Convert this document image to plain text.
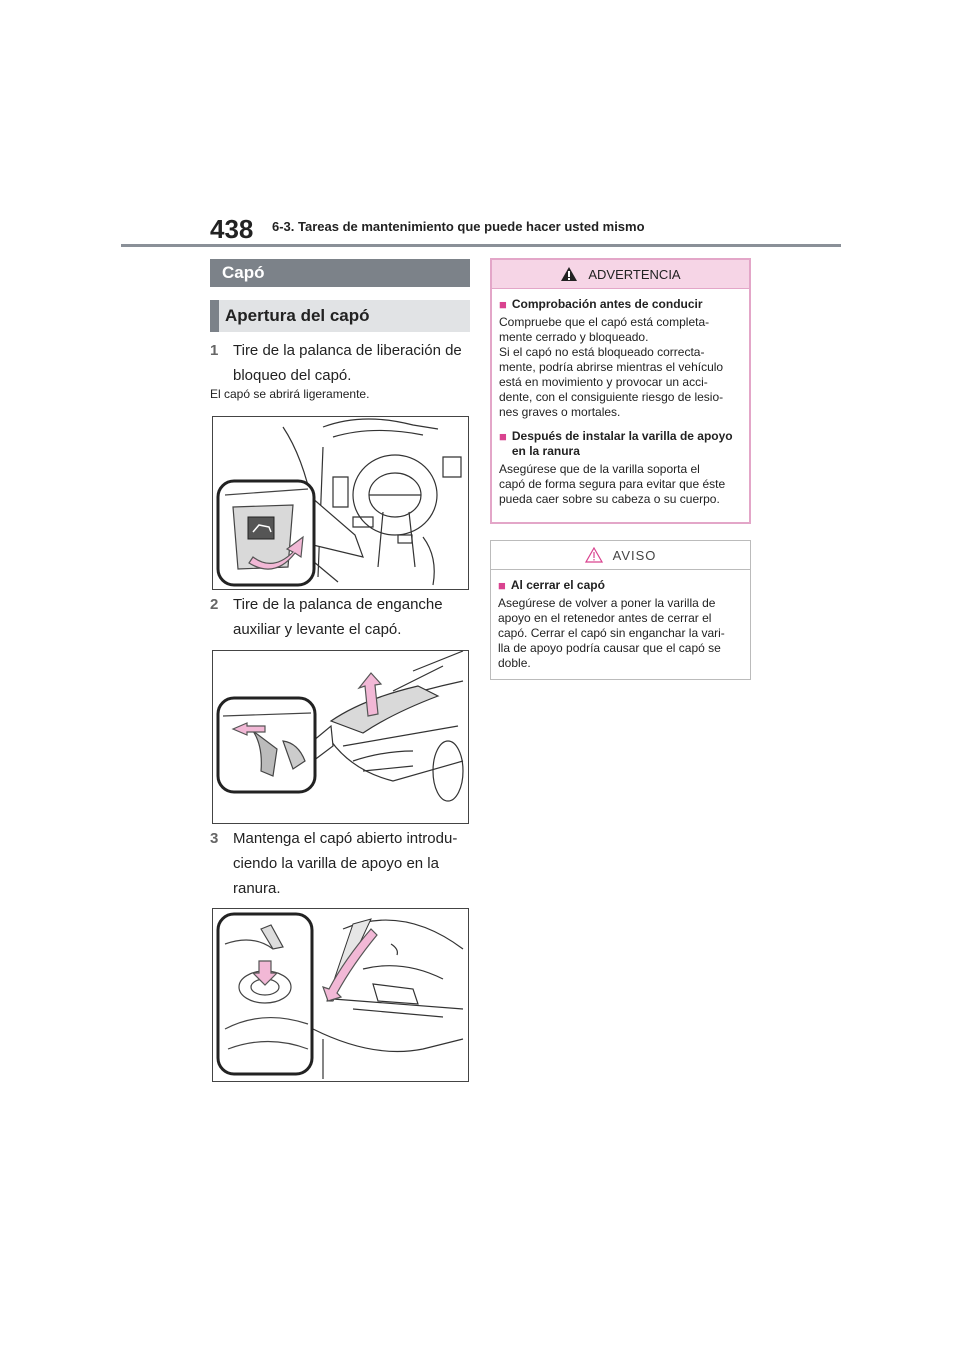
438 6-3. Tareas de mantenimiento que puede hacer usted mismo
Capó
Apertura del capó
1 Tire de la palanca de liberación de bloqueo del capó.
El capó se abrirá ligeramente.
2 Tire de la palanca de enganche auxiliar y levante el capó.
3 Mantenga el capó abierto introdu-ciendo la varilla de apoyo en la ranura.
ADVERTENCIA
■ Comprobación antes de conducir
Compruebe que el capó está completa-
mente cerrado y bloqueado.
Si el capó no está bloqueado correcta-
mente, podría abrirse mientras el vehículo
está en movimiento y provocar un acci-
dente, con el consiguiente riesgo de lesio-
nes graves o mortales.
■ Después de instalar la varilla de apoyo en la ranura
Asegúrese que de la varilla soporta el
capó de forma segura para evitar que éste
pueda caer sobre su cabeza o su cuerpo.
AVISO
■ Al cerrar el capó
Asegúrese de volver a poner la varilla de
apoyo en el retenedor antes de cerrar el
capó. Cerrar el capó sin enganchar la vari-
lla de apoyo podría causar que el capó se
doble.
